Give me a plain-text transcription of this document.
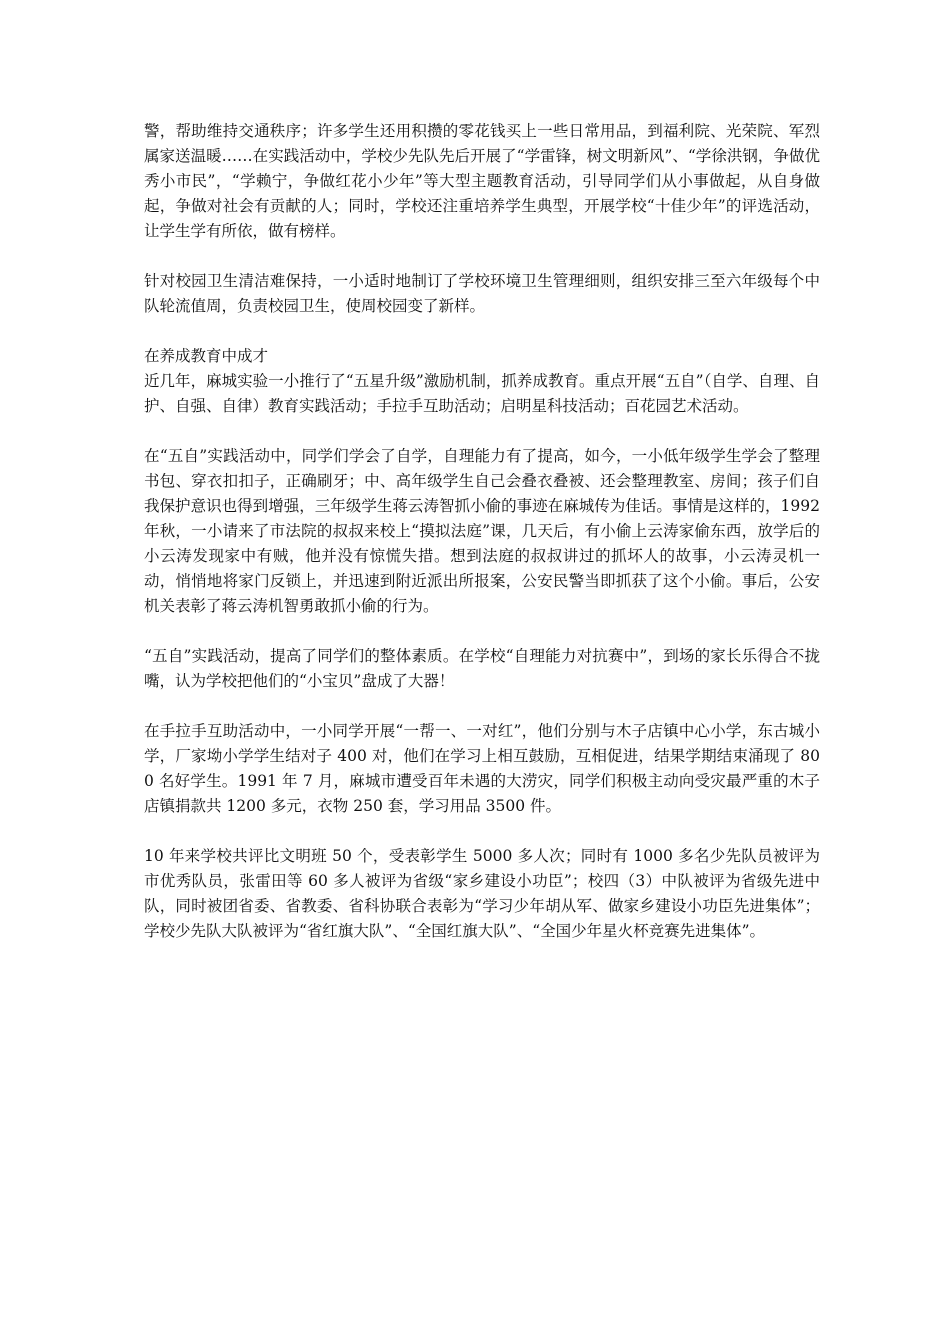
警，帮助维持交通秩序；许多学生还用积攒的零花钱买上一些日常用品，到福利院、光荣院、军烈属家送温暖……在实践活动中，学校少先队先后开展了“学雷锋，树文明新风”、“学徐洪钢，争做优秀小市民”，“学赖宁，争做红花小少年”等大型主题教育活动，引导同学们从小事做起，从自身做起，争做对社会有贡献的人；同时，学校还注重培养学生典型，开展学校“十佳少年”的评选活动，让学生学有所依，做有榜样。

针对校园卫生清洁难保持，一小适时地制订了学校环境卫生管理细则，组织安排三至六年级每个中队轮流值周，负责校园卫生，使周校园变了新样。

在养成教育中成才

近几年，麻城实验一小推行了“五星升级”激励机制，抓养成教育。重点开展“五自”（自学、自理、自护、自强、自律）教育实践活动；手拉手互助活动；启明星科技活动；百花园艺术活动。

在“五自”实践活动中，同学们学会了自学，自理能力有了提高，如今，一小低年级学生学会了整理书包、穿衣扣扣子，正确刷牙；中、高年级学生自己会叠衣叠被、还会整理教室、房间；孩子们自我保护意识也得到增强，三年级学生蒋云涛智抓小偷的事迹在麻城传为佳话。事情是这样的，1992 年秋，一小请来了市法院的叔叔来校上“摸拟法庭”课，几天后，有小偷上云涛家偷东西，放学后的小云涛发现家中有贼，他并没有惊慌失措。想到法庭的叔叔讲过的抓坏人的故事，小云涛灵机一动，悄悄地将家门反锁上，并迅速到附近派出所报案，公安民警当即抓获了这个小偷。事后，公安机关表彰了蒋云涛机智勇敢抓小偷的行为。

“五自”实践活动，提高了同学们的整体素质。在学校“自理能力对抗赛中”，到场的家长乐得合不拢嘴，认为学校把他们的“小宝贝”盘成了大器！

在手拉手互助活动中，一小同学开展“一帮一、一对红”，他们分别与木子店镇中心小学，东古城小学，厂家坳小学学生结对子 400 对，他们在学习上相互鼓励，互相促进，结果学期结束涌现了 800 名好学生。1991 年 7 月，麻城市遭受百年未遇的大涝灾，同学们积极主动向受灾最严重的木子店镇捐款共 1200 多元，衣物 250 套，学习用品 3500 件。

10 年来学校共评比文明班 50 个，受表彰学生 5000 多人次；同时有 1000 多名少先队员被评为市优秀队员，张雷田等 60 多人被评为省级“家乡建设小功臣”；校四（3）中队被评为省级先进中队，同时被团省委、省教委、省科协联合表彰为“学习少年胡从军、做家乡建设小功臣先进集体”；学校少先队大队被评为“省红旗大队”、“全国红旗大队”、“全国少年星火杯竞赛先进集体”。
